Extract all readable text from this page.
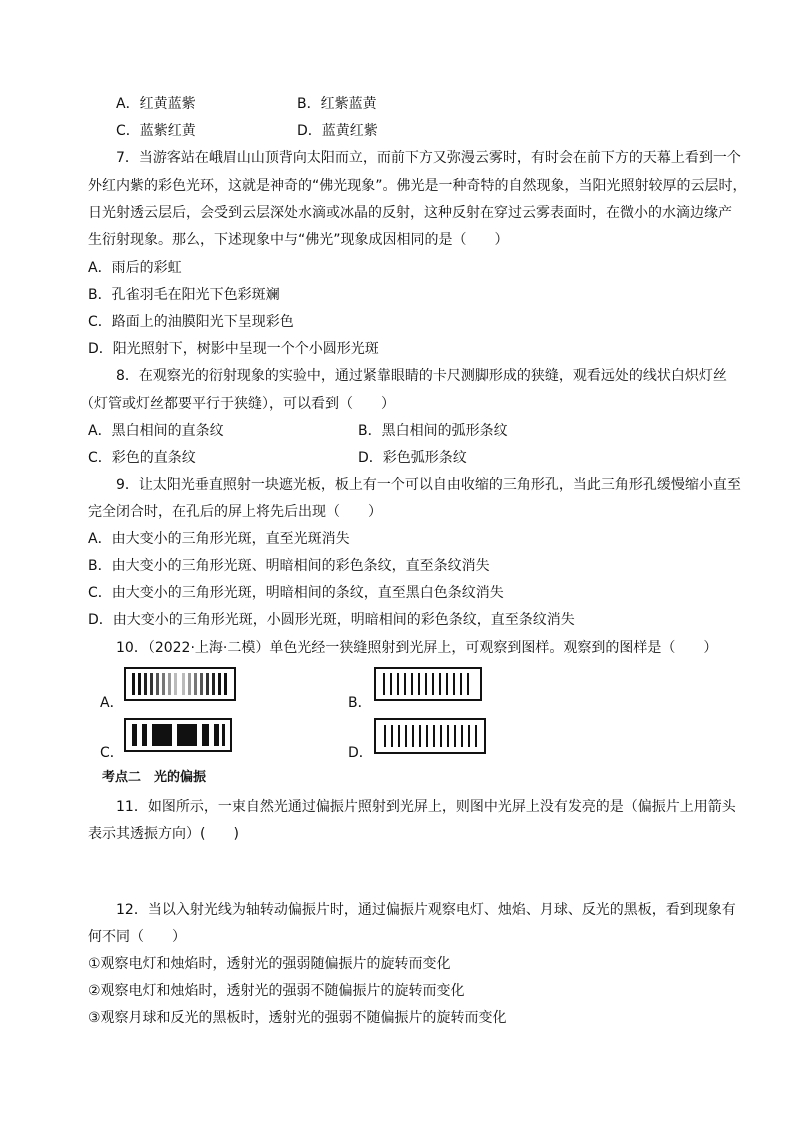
A．红黄蓝紫	B．红紫蓝黄
C．蓝紫红黄	D．蓝黄红紫
7．当游客站在峨眉山山顶背向太阳而立，而前下方又弥漫云雾时，有时会在前下方的天幕上看到一个
外红内紫的彩色光环，这就是神奇的“佛光现象”。佛光是一种奇特的自然现象，当阳光照射较厚的云层时，
日光射透云层后，会受到云层深处水滴或冰晶的反射，这种反射在穿过云雾表面时，在微小的水滴边缘产
生衍射现象。那么，下述现象中与“佛光”现象成因相同的是（　　）
A．雨后的彩虹
B．孔雀羽毛在阳光下色彩斑斓
C．路面上的油膜阳光下呈现彩色
D．阳光照射下，树影中呈现一个个小圆形光斑
8．在观察光的衍射现象的实验中，通过紧靠眼睛的卡尺测脚形成的狭缝，观看远处的线状白炽灯丝
（灯管或灯丝都要平行于狭缝），可以看到（　　）
A．黑白相间的直条纹	B．黑白相间的弧形条纹
C．彩色的直条纹	D．彩色弧形条纹
9．让太阳光垂直照射一块遮光板，板上有一个可以自由收缩的三角形孔，当此三角形孔缓慢缩小直至
完全闭合时，在孔后的屏上将先后出现（　　）
A．由大变小的三角形光斑，直至光斑消失
B．由大变小的三角形光斑、明暗相间的彩色条纹，直至条纹消失
C．由大变小的三角形光斑，明暗相间的条纹，直至黑白色条纹消失
D．由大变小的三角形光斑，小圆形光斑，明暗相间的彩色条纹，直至条纹消失
10．（2022·上海·二模）单色光经一狭缝照射到光屏上，可观察到图样。观察到的图样是（　　）
A．	B．
C．	D．
考点二　光的偏振
11．如图所示，一束自然光通过偏振片照射到光屏上，则图中光屏上没有发亮的是（偏振片上用箭头
表示其透振方向）(　　)
12．当以入射光线为轴转动偏振片时，通过偏振片观察电灯、烛焰、月球、反光的黑板，看到现象有
何不同（　　）
①观察电灯和烛焰时，透射光的强弱随偏振片的旋转而变化
②观察电灯和烛焰时，透射光的强弱不随偏振片的旋转而变化
③观察月球和反光的黑板时，透射光的强弱不随偏振片的旋转而变化
